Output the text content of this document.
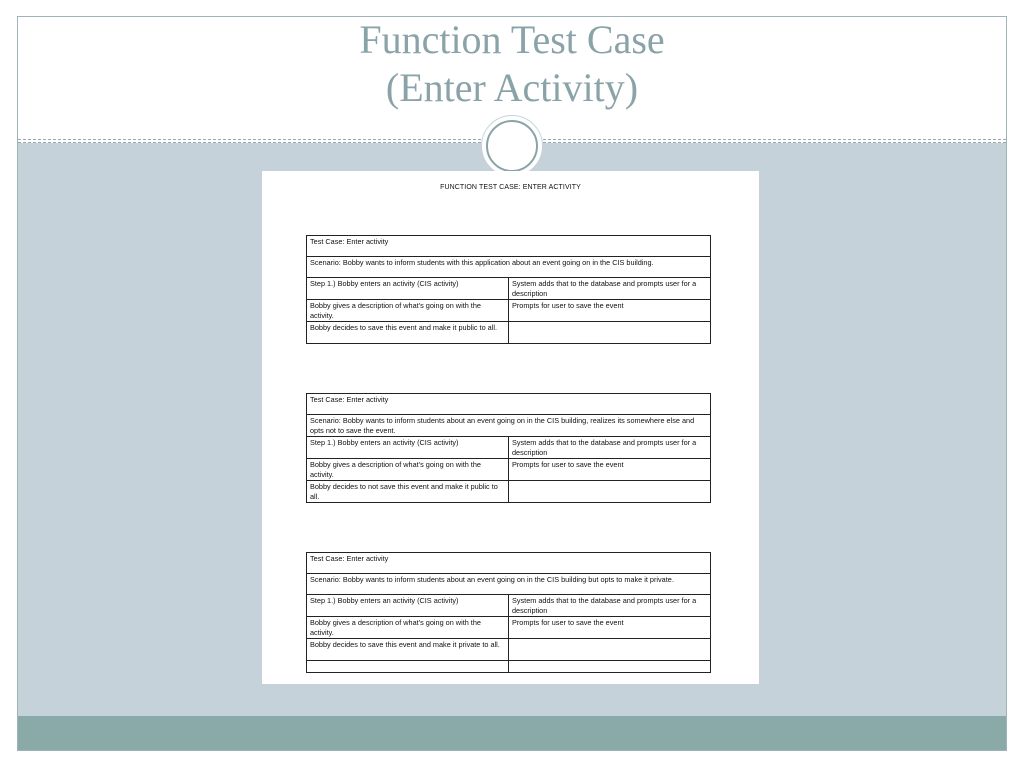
Function Test Case
(Enter Activity)
FUNCTION TEST CASE: ENTER ACTIVITY
Test Case: Enter activity	
Scenario: Bobby wants to inform students with this application about an event going on in the CIS building.	
Step 1.) Bobby enters an activity (CIS activity)	System adds that to the database and prompts user for a description
Bobby gives a description of what's going on with the activity.	Prompts for user to save the event
Bobby decides to save this event and make it public to all.	
Test Case: Enter activity	
Scenario: Bobby wants to inform students about an event going on in the CIS building, realizes its somewhere else and opts not to save the event.	
Step 1.) Bobby enters an activity (CIS activity)	System adds that to the database and prompts user for a description
Bobby gives a description of what's going on with the activity.	Prompts for user to save the event
Bobby decides to not save this event and make it public to all.	
Test Case: Enter activity	
Scenario: Bobby wants to inform students about an event going on in the CIS building but opts to make it private.	
Step 1.) Bobby enters an activity (CIS activity)	System adds that to the database and prompts user for a description
Bobby gives a description of what's going on with the activity.	Prompts for user to save the event
Bobby decides to save this event and make it private to all.	
